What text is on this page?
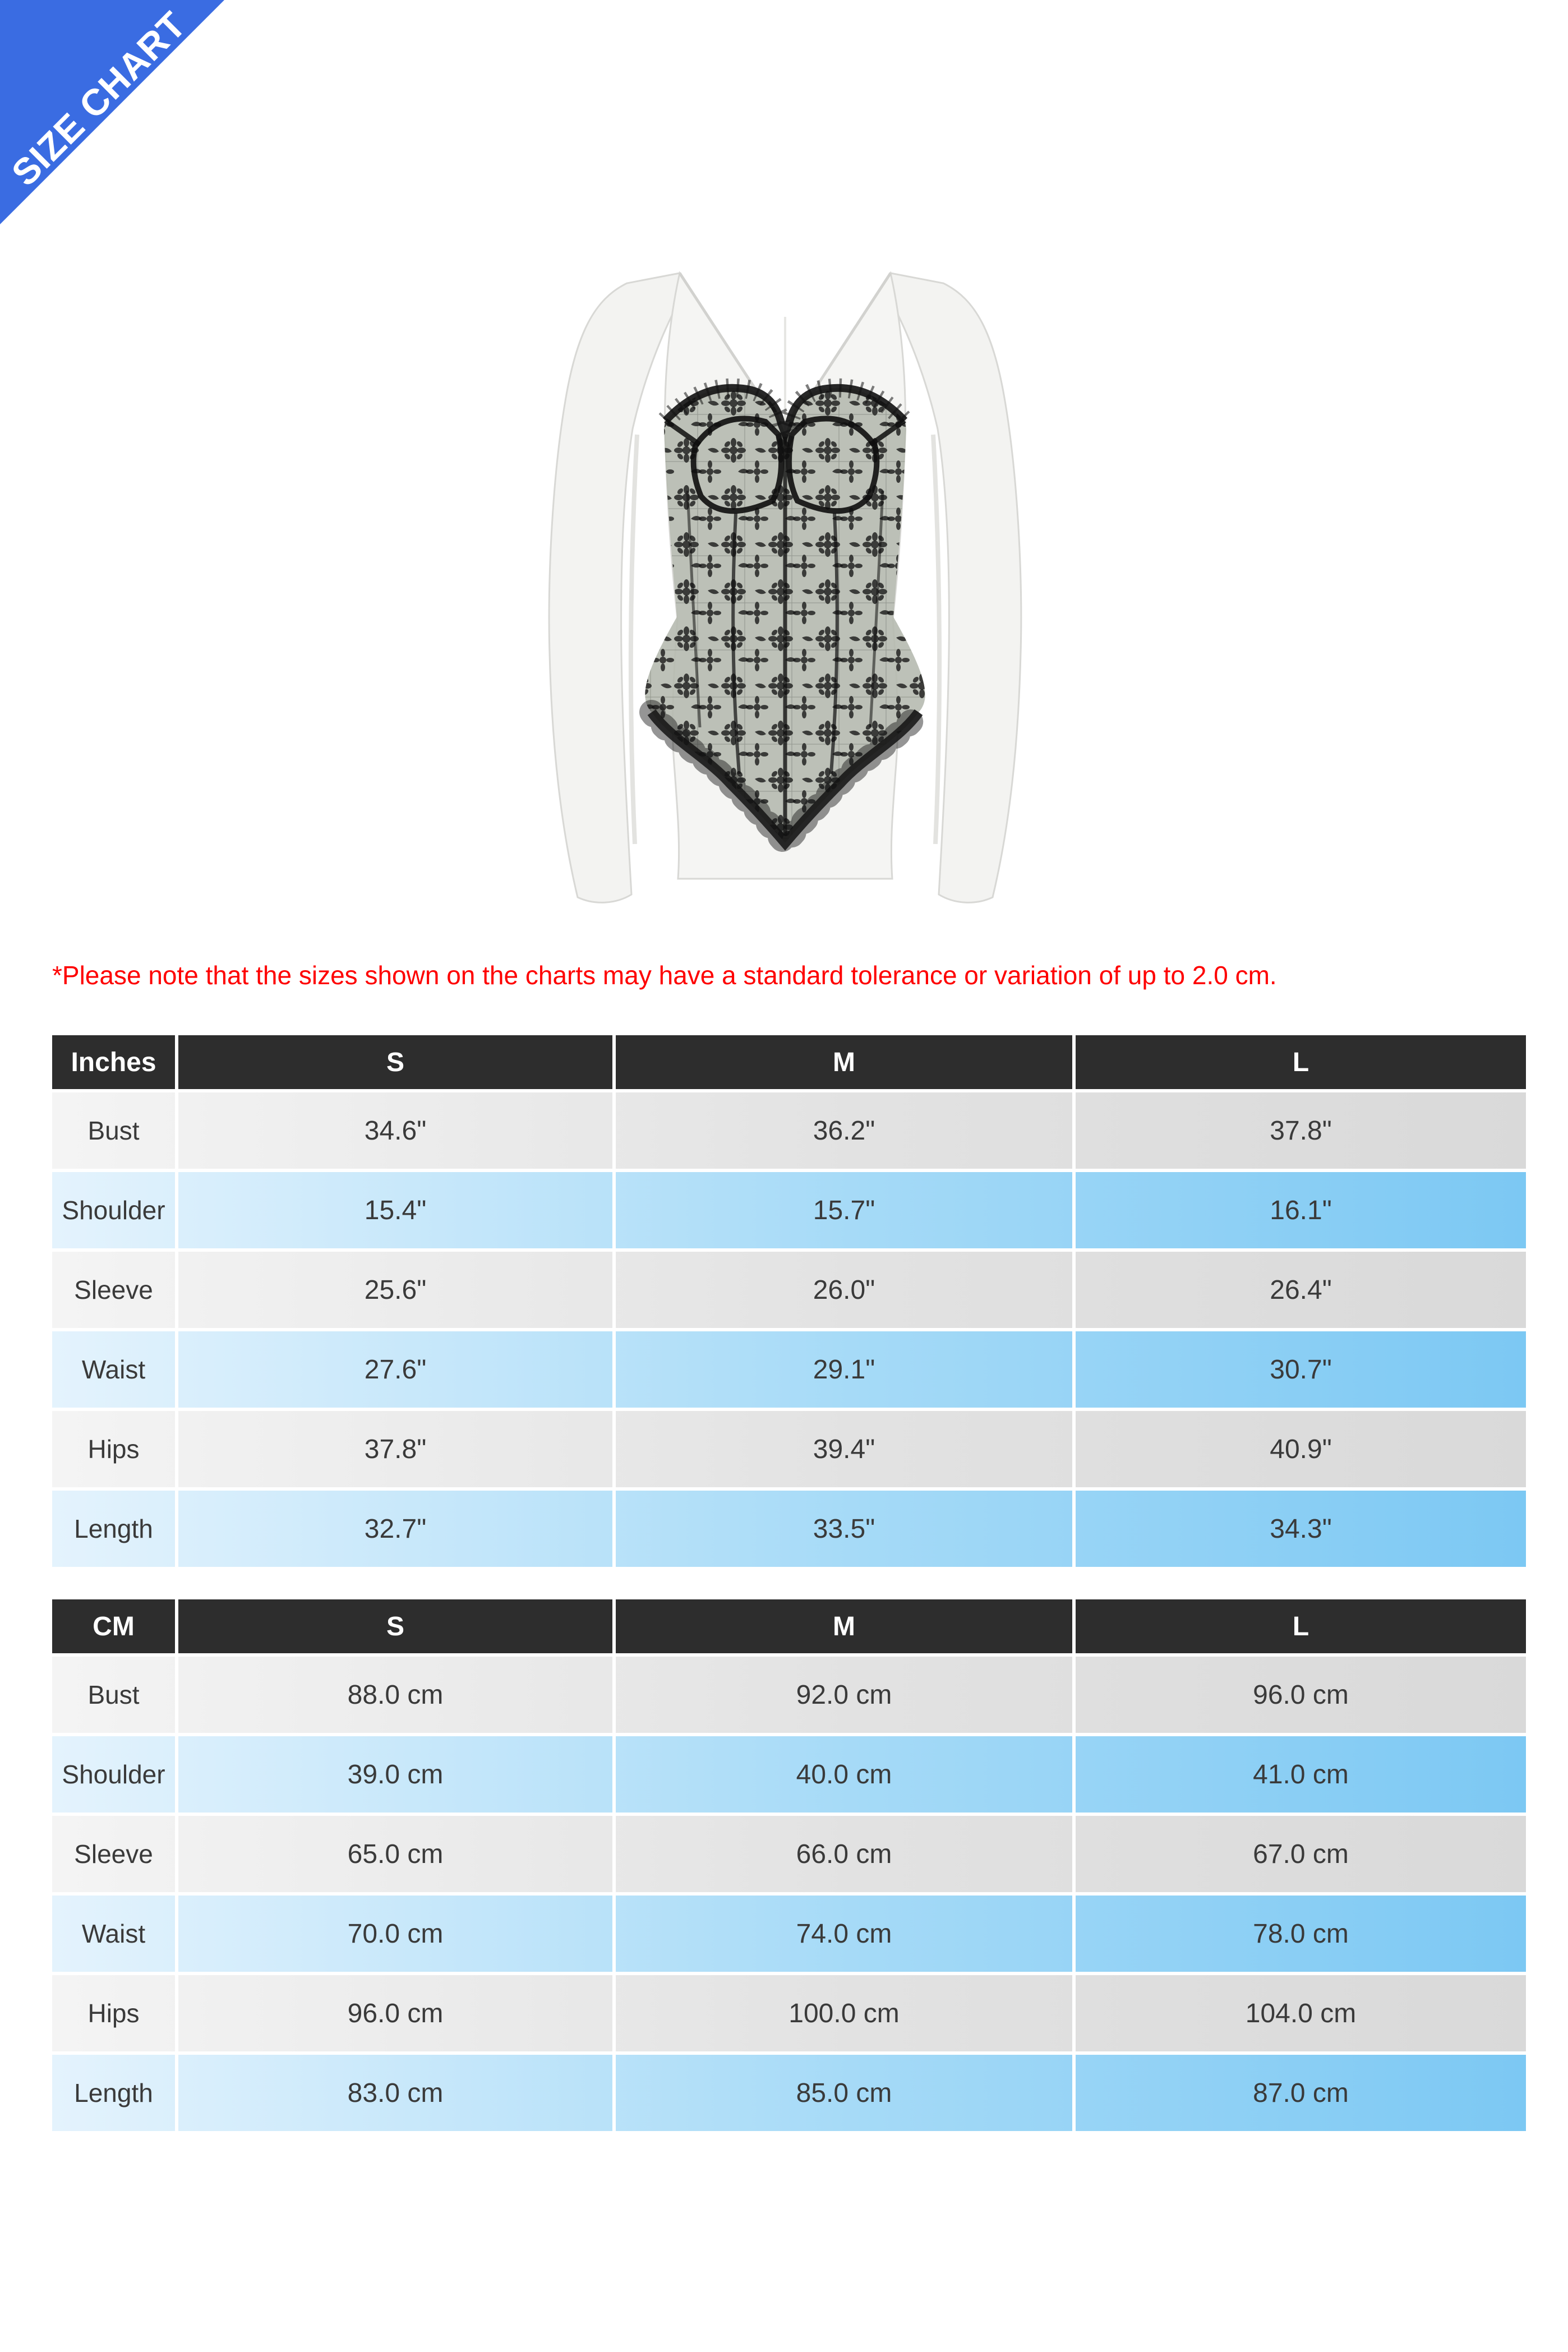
SIZE CHART

*Please note that the sizes shown on the charts may have a standard tolerance or variation of up to 2.0 cm.

Inches	S	M	L
Bust	34.6"	36.2"	37.8"
Shoulder	15.4"	15.7"	16.1"
Sleeve	25.6"	26.0"	26.4"
Waist	27.6"	29.1"	30.7"
Hips	37.8"	39.4"	40.9"
Length	32.7"	33.5"	34.3"
CM	S	M	L
Bust	88.0 cm	92.0 cm	96.0 cm
Shoulder	39.0 cm	40.0 cm	41.0 cm
Sleeve	65.0 cm	66.0 cm	67.0 cm
Waist	70.0 cm	74.0 cm	78.0 cm
Hips	96.0 cm	100.0 cm	104.0 cm
Length	83.0 cm	85.0 cm	87.0 cm
